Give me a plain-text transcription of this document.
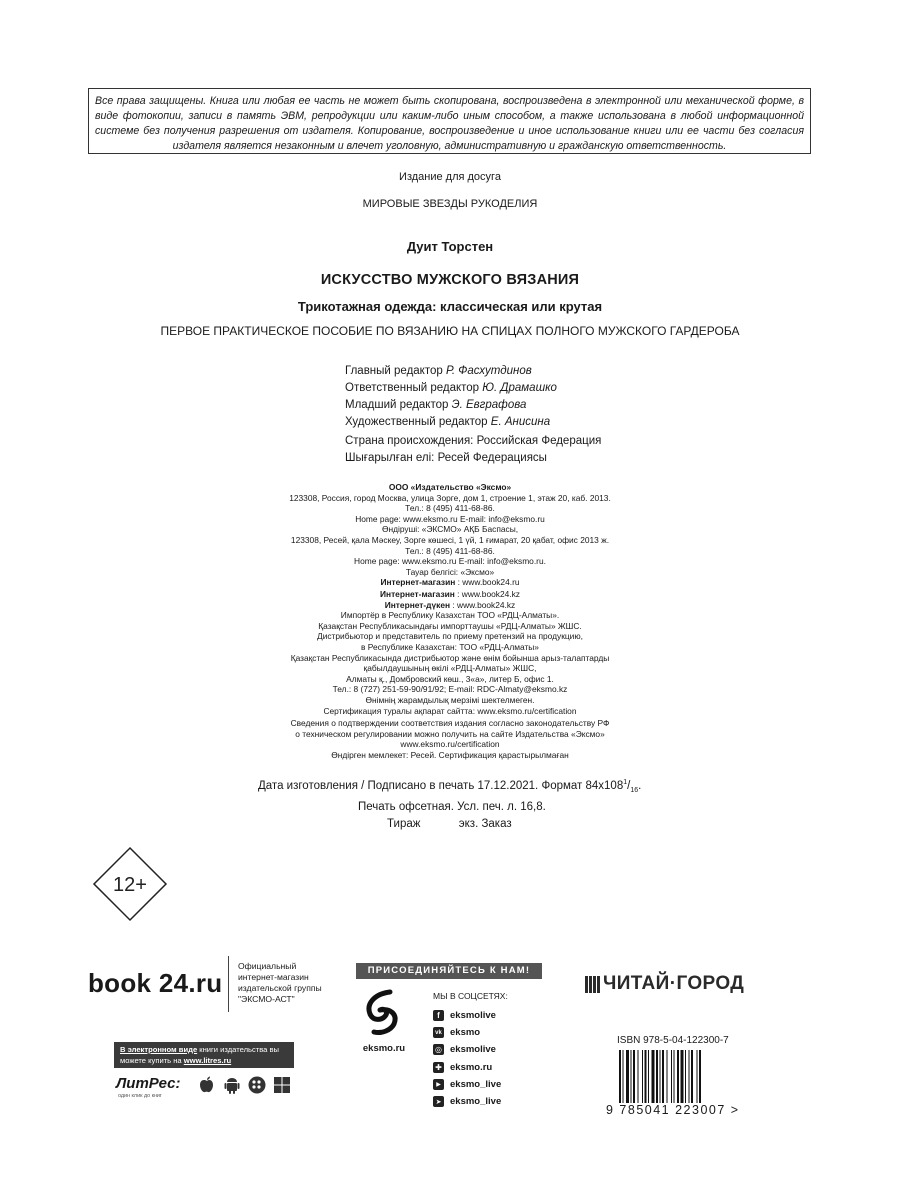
Все права защищены. Книга или любая ее часть не может быть скопирована, воспроизведена в электронной или механической форме, в виде фотокопии, записи в память ЭВМ, репродукции или каким-либо иным способом, а также использована в любой информационной системе без получения разрешения от издателя. Копирование, воспроизведение и иное использование книги или ее части без согласия издателя является незаконным и влечет уголовную, административную и гражданскую ответственность.
Издание для досуга
МИРОВЫЕ ЗВЕЗДЫ РУКОДЕЛИЯ
Дуит Торстен
ИСКУССТВО МУЖСКОГО ВЯЗАНИЯ
Трикотажная одежда: классическая или крутая
ПЕРВОЕ ПРАКТИЧЕСКОЕ ПОСОБИЕ ПО ВЯЗАНИЮ НА СПИЦАХ ПОЛНОГО МУЖСКОГО ГАРДЕРОБА
Главный редактор Р. Фасхутдинов
Ответственный редактор Ю. Драмашко
Младший редактор Э. Евграфова
Художественный редактор Е. Анисина
Страна происхождения: Российская Федерация
Шығарылған елі: Ресей Федерациясы
ООО «Издательство «Эксмо»
123308, Россия, город Москва, улица Зорге, дом 1, строение 1, этаж 20, каб. 2013.
Тел.: 8 (495) 411-68-86.
Home page: www.eksmo.ru E-mail: info@eksmo.ru
Өндіруші: «ЭКСМО» АҚБ Баспасы,
123308, Ресей, қала Мәскеу, Зорге көшесі, 1 үй, 1 ғимарат, 20 қабат, офис 2013 ж.
Тел.: 8 (495) 411-68-86.
Home page: www.eksmo.ru E-mail: info@eksmo.ru.
Тауар белгісі: «Эксмо»
Интернет-магазин : www.book24.ru
Интернет-магазин : www.book24.kz
Интернет-дүкен : www.book24.kz
Импортёр в Республику Казахстан ТОО «РДЦ-Алматы».
Қазақстан Республикасындағы импорттаушы «РДЦ-Алматы» ЖШС.
Дистрибьютор и представитель по приему претензий на продукцию,
в Республике Казахстан: ТОО «РДЦ-Алматы»
Қазақстан Республикасында дистрибьютор және өнім бойынша арыз-талаптарды
қабылдаушының өкілі «РДЦ-Алматы» ЖШС,
Алматы қ., Домбровский көш., 3«а», литер Б, офис 1.
Тел.: 8 (727) 251-59-90/91/92; E-mail: RDC-Almaty@eksmo.kz
Өнімнің жарамдылық мерзімі шектелмеген.
Сертификация туралы ақпарат сайтта: www.eksmo.ru/certification
Сведения о подтверждении соответствия издания согласно законодательству РФ
о техническом регулировании можно получить на сайте Издательства «Эксмо»
www.eksmo.ru/certification
Өндірген мемлекет: Ресей. Сертификация қарастырылмаған
Дата изготовления / Подписано в печать 17.12.2021. Формат $84x108^1/_{16}$.
Печать офсетная. Усл. печ. л. 16,8.
Тираж            экз. Заказ
12+
book 24.ru
Официальный
интернет-магазин
издательской группы
"ЭКСМО-АСТ"
ПРИСОЕДИНЯЙТЕСЬ К НАМ!
eksmo.ru
МЫ В СОЦСЕТЯХ:
f	eksmolive
vk eksmo
◎ eksmolive
✚ eksmo.ru
▶ eksmo_live
➤ eksmo_live
ЧИТАЙ·ГОРОД
ISBN 978-5-04-122300-7
9 785041 223007 >
В электронном виде книги издательства вы можете купить на www.litres.ru
ЛитРес:
один клик до книг
